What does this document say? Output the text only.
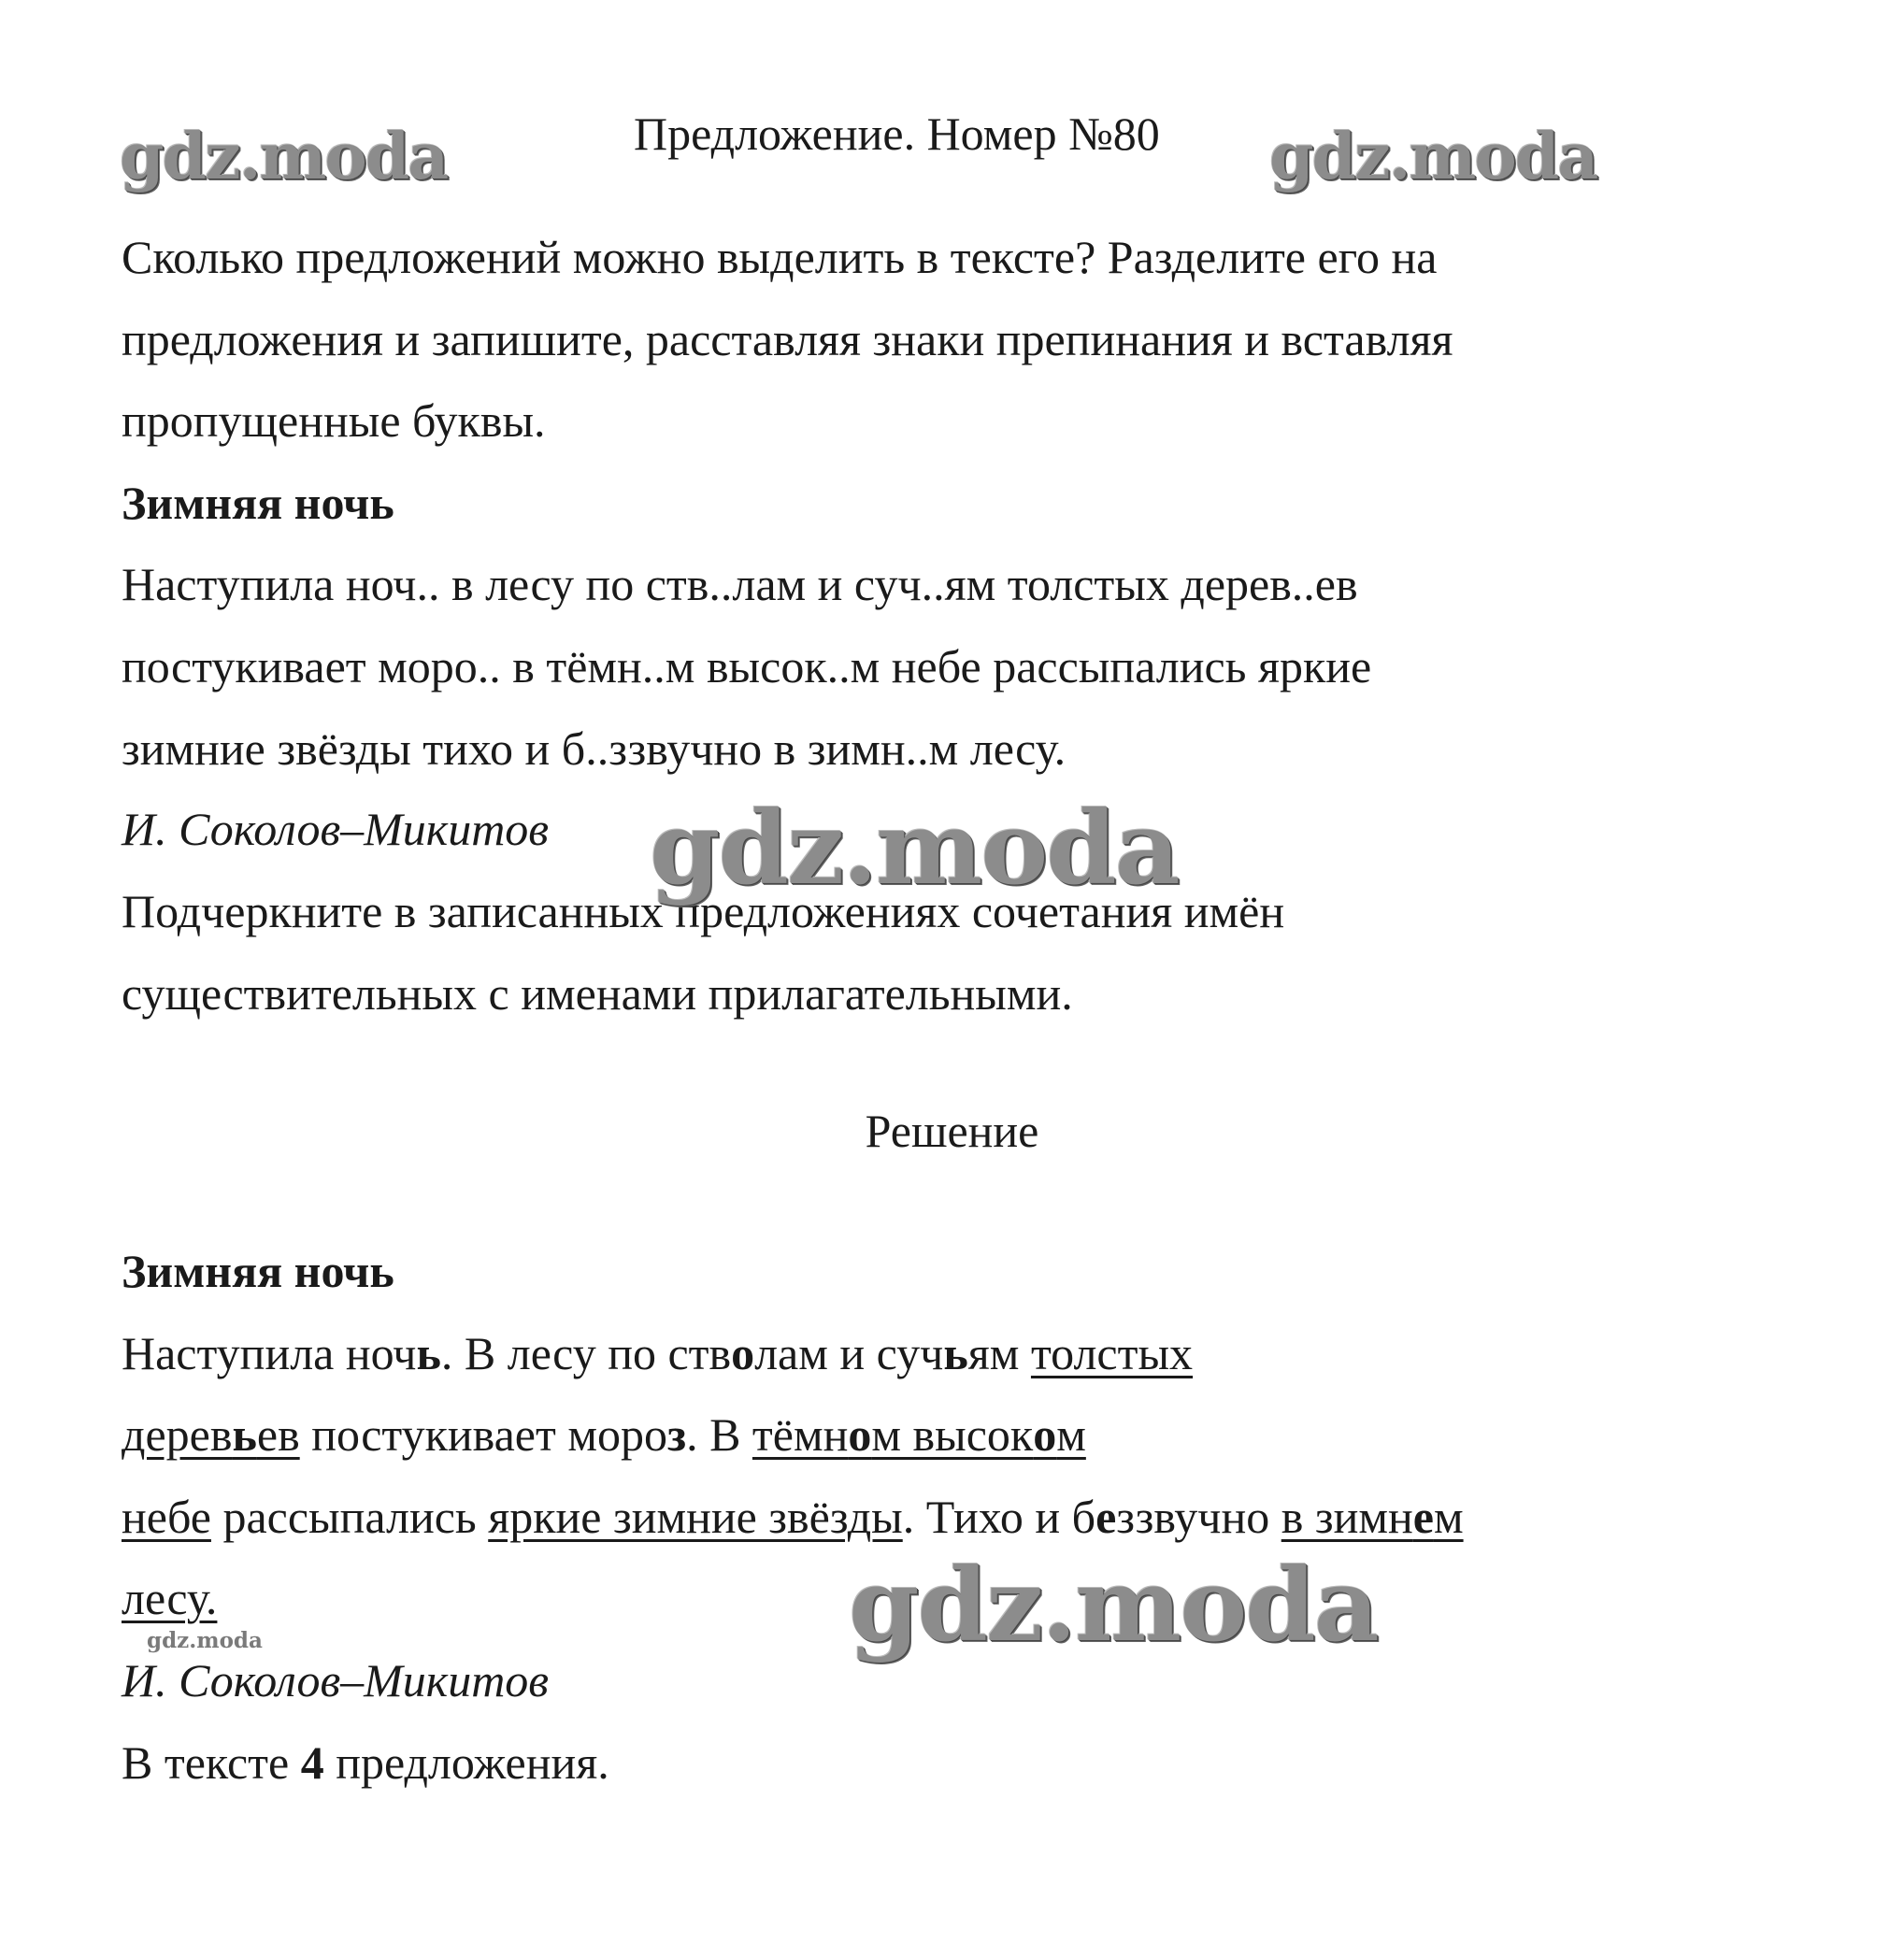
Предложение. Номер №80
Сколько предложений можно выделить в тексте? Разделите его на
предложения и запишите, расставляя знаки препинания и вставляя
пропущенные буквы.
Зимняя ночь
Наступила ноч.. в лесу по ств..лам и суч..ям толстых дерев..ев
постукивает моро.. в тёмн..м высок..м небе рассыпались яркие
зимние звёзды тихо и б..ззвучно в зимн..м лесу.
И. Соколов–Микитов
Подчеркните в записанных предложениях сочетания имён
существительных с именами прилагательными.
Решение
Зимняя ночь
Наступила ночь. В лесу по стволам и сучьям толстых
деревьев постукивает мороз. В тёмном высоком
небе рассыпались яркие зимние звёзды. Тихо и беззвучно в зимнем
лесу.
И. Соколов–Микитов
В тексте 4 предложения.
gdz.moda	gdz.moda
gdz.moda
gdz.moda
gdz.moda
